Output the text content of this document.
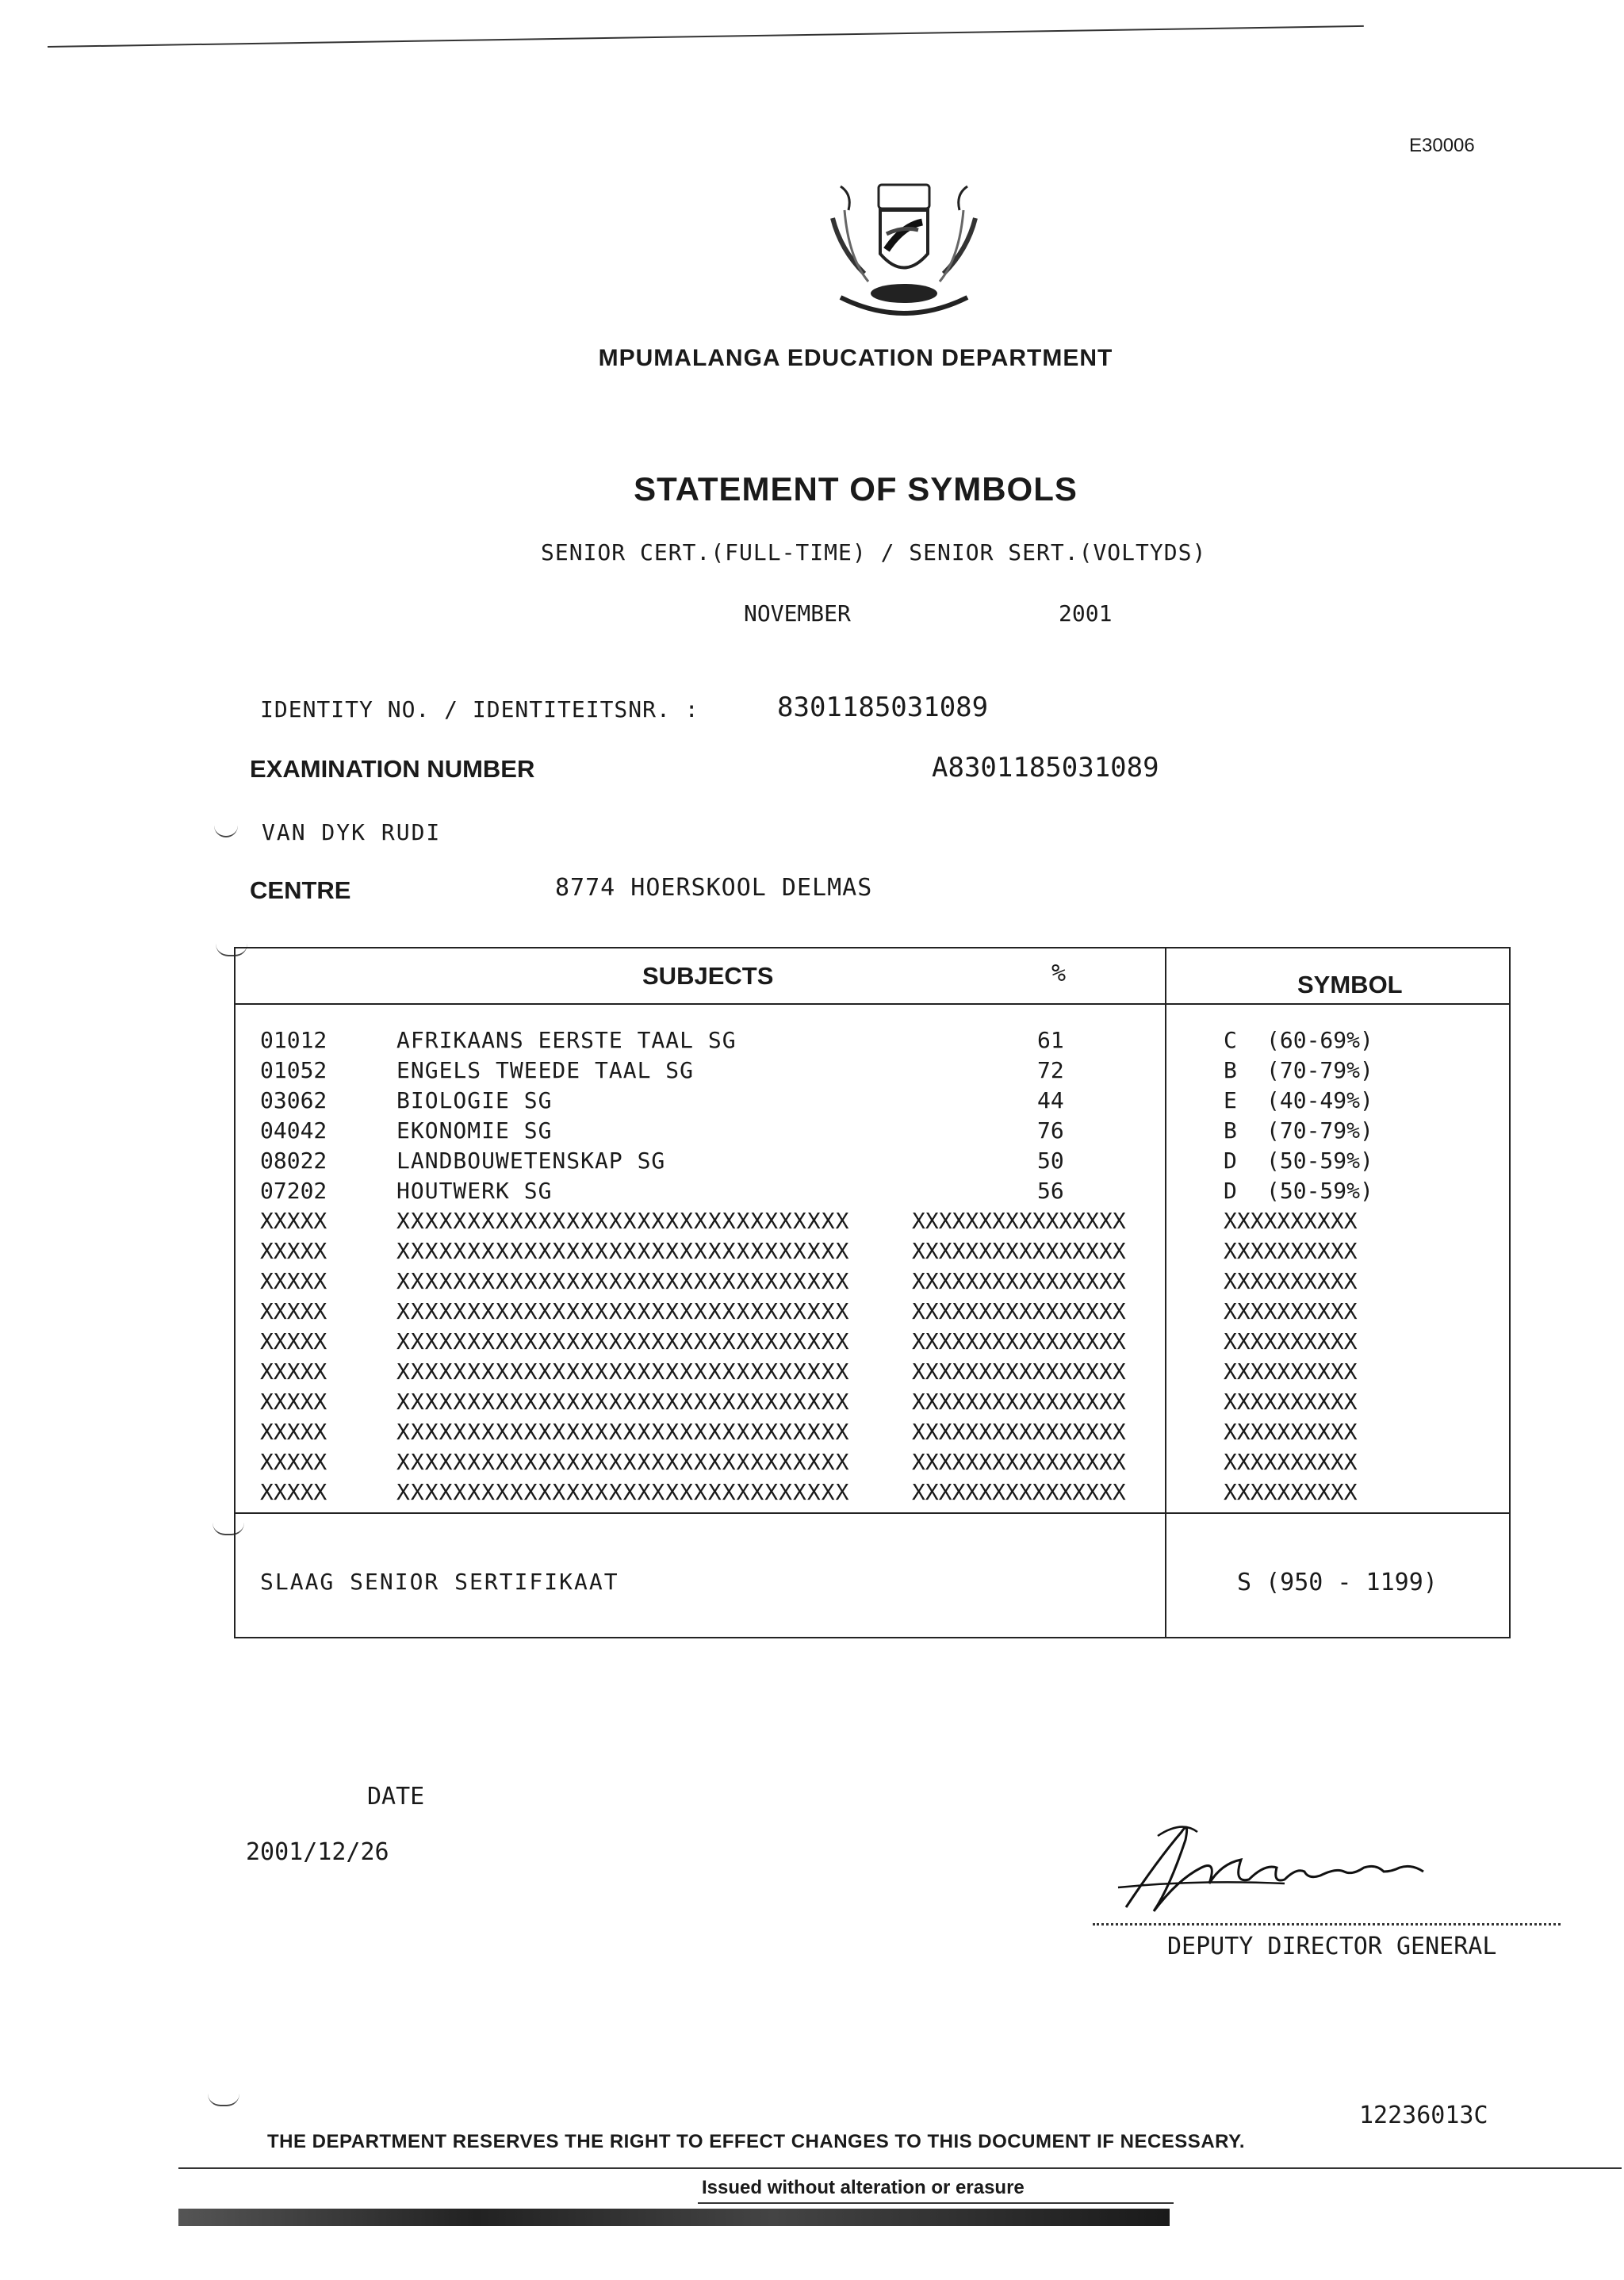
E30006
MPUMALANGA EDUCATION DEPARTMENT
STATEMENT OF SYMBOLS
SENIOR CERT.(FULL-TIME) / SENIOR SERT.(VOLTYDS)
NOVEMBER	2001
IDENTITY NO. / IDENTITEITSNR. :	8301185031089
EXAMINATION NUMBER	A8301185031089
VAN DYK RUDI
CENTRE	8774 HOERSKOOL DELMAS
SUBJECTS	%	SYMBOL
01012	AFRIKAANS EERSTE TAAL SG	61	C (60-69%)
01052	ENGELS TWEEDE TAAL SG	72	B (70-79%)
03062	BIOLOGIE SG	44	E (40-49%)
04042	EKONOMIE SG	76	B (70-79%)
08022	LANDBOUWETENSKAP SG	50	D (50-59%)
07202	HOUTWERK SG	56	D (50-59%)
XXXXX	XXXXXXXXXXXXXXXXXXXXXXXXXXXXXXXX	XXXXXXXXXXXXXXXX	XXXXXXXXXX
XXXXX	XXXXXXXXXXXXXXXXXXXXXXXXXXXXXXXX	XXXXXXXXXXXXXXXX	XXXXXXXXXX
XXXXX	XXXXXXXXXXXXXXXXXXXXXXXXXXXXXXXX	XXXXXXXXXXXXXXXX	XXXXXXXXXX
XXXXX	XXXXXXXXXXXXXXXXXXXXXXXXXXXXXXXX	XXXXXXXXXXXXXXXX	XXXXXXXXXX
XXXXX	XXXXXXXXXXXXXXXXXXXXXXXXXXXXXXXX	XXXXXXXXXXXXXXXX	XXXXXXXXXX
XXXXX	XXXXXXXXXXXXXXXXXXXXXXXXXXXXXXXX	XXXXXXXXXXXXXXXX	XXXXXXXXXX
XXXXX	XXXXXXXXXXXXXXXXXXXXXXXXXXXXXXXX	XXXXXXXXXXXXXXXX	XXXXXXXXXX
XXXXX	XXXXXXXXXXXXXXXXXXXXXXXXXXXXXXXX	XXXXXXXXXXXXXXXX	XXXXXXXXXX
XXXXX	XXXXXXXXXXXXXXXXXXXXXXXXXXXXXXXX	XXXXXXXXXXXXXXXX	XXXXXXXXXX
XXXXX	XXXXXXXXXXXXXXXXXXXXXXXXXXXXXXXX	XXXXXXXXXXXXXXXX	XXXXXXXXXX
SLAAG SENIOR SERTIFIKAAT	S (950 - 1199)
DATE
2001/12/26
DEPUTY DIRECTOR GENERAL
12236013C
THE DEPARTMENT RESERVES THE RIGHT TO EFFECT CHANGES TO THIS DOCUMENT IF NECESSARY.
Issued without alteration or erasure
